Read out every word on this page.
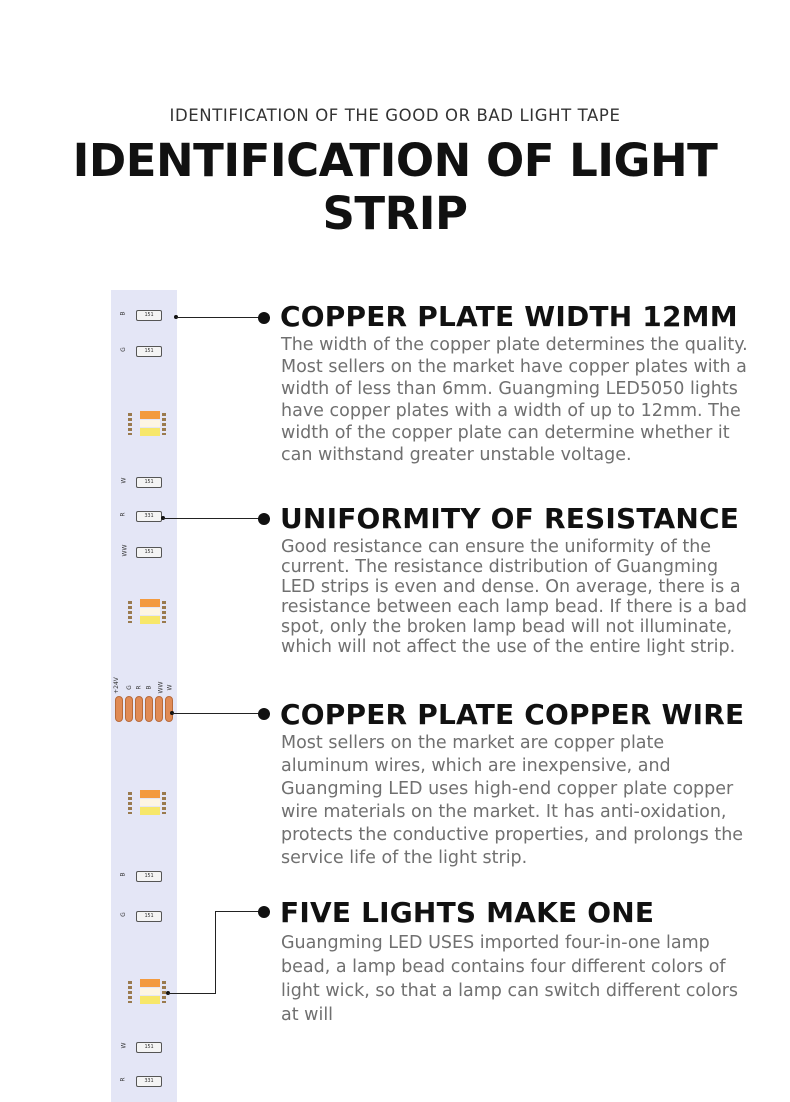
IDENTIFICATION OF THE GOOD OR BAD LIGHT TAPE
IDENTIFICATION OF LIGHT STRIP
B	151
G	151
W	151
R	331
WW	151
+24V G R B WW W
B	151
G	151
W	151
R	331
COPPER PLATE WIDTH 12MM
The width of the copper plate determines the quality. Most sellers on the market have copper plates with a width of less than 6mm. Guangming LED5050 lights have copper plates with a width of up to 12mm. The width of the copper plate can determine whether it can withstand greater unstable voltage.
UNIFORMITY OF RESISTANCE
Good resistance can ensure the uniformity of the current. The resistance distribution of Guangming LED strips is even and dense. On average, there is a resistance between each lamp bead. If there is a bad spot, only the broken lamp bead will not illuminate, which will not affect the use of the entire light strip.
COPPER PLATE COPPER WIRE
Most sellers on the market are copper plate aluminum wires, which are inexpensive, and Guangming LED uses high-end copper plate copper wire materials on the market. It has anti-oxidation, protects the conductive properties, and prolongs the service life of the light strip.
FIVE LIGHTS MAKE ONE
Guangming LED USES imported four-in-one lamp bead, a lamp bead contains four different colors of light wick, so that a lamp can switch different colors at will
